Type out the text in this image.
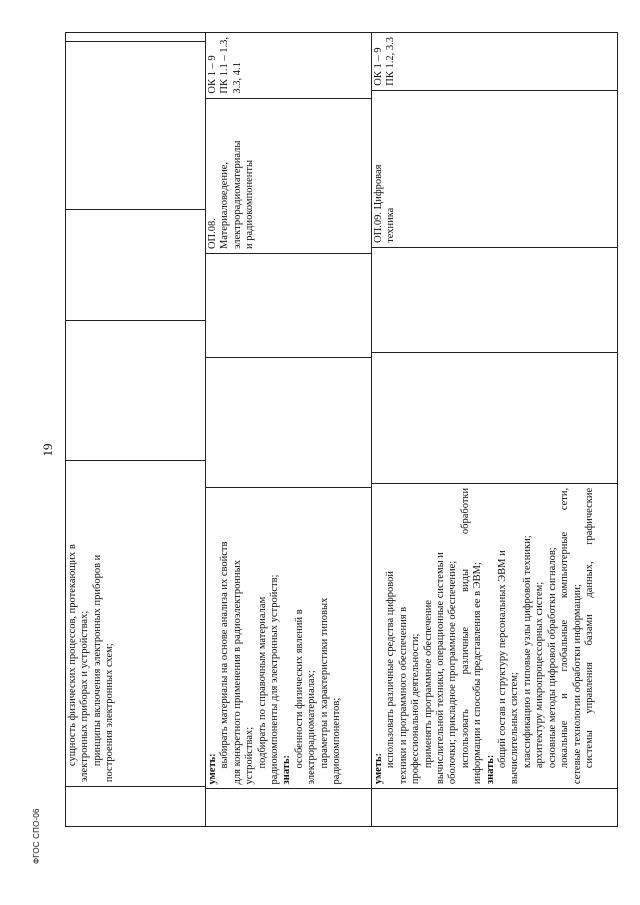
19
сущность физических процессов, протекающих в электронных приборах и устройствах; принципы включения электронных приборов и построения электронных схем;	уметь:
выбирать материалы на основе анализа их свойств для конкретного применения в радиоэлектронных устройствах; подбирать по справочным материалам радиокомпоненты для электронных устройств; знать:
особенности физических явлений в электрорадиоматериалах; параметры и характеристики типовых радиокомпонентов;
ОП.08. Материаловедение, электрорадиоматериалы и радиокомпоненты
ОК 1 – 9 ПК 1.1 – 1.3, 3.3, 4.1
уметь:
использовать различные средства цифровой техники и программного обеспечения в профессиональной деятельности; применять программное обеспечение вычислительной техники, операционные системы и оболочки; прикладное программное обеспечение; использовать различные виды обработки информации и способы представления ее в ЭВМ; знать:
общий состав и структуру персональных ЭВМ и вычислительных систем; классификацию и типовые узлы цифровой техники; архитектуру микропроцессорных систем; основные методы цифровой обработки сигналов; локальные и глобальные компьютерные сети, сетевые технологии обработки информации; системы управления базами данных, графические
ОП.09. Цифровая техника
ОК 1 – 9 ПК 1.2, 3.3
ФГОС СПО-06
